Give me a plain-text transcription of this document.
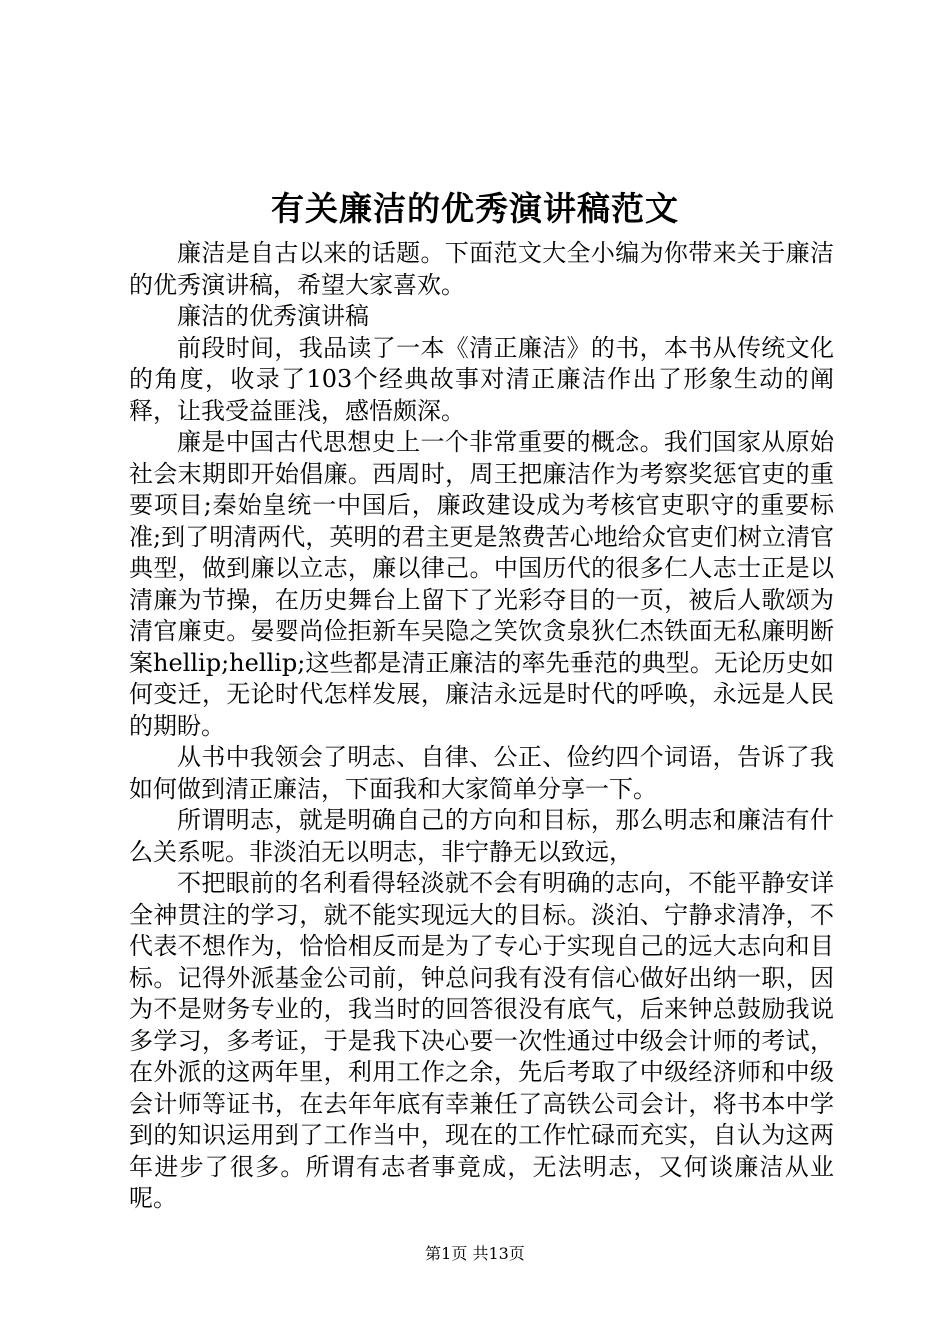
有关廉洁的优秀演讲稿范文

廉洁是自古以来的话题。下面范文大全小编为你带来关于廉洁的优秀演讲稿，希望大家喜欢。

廉洁的优秀演讲稿

前段时间，我品读了一本《清正廉洁》的书，本书从传统文化的角度，收录了103个经典故事对清正廉洁作出了形象生动的阐释，让我受益匪浅，感悟颇深。

廉是中国古代思想史上一个非常重要的概念。我们国家从原始社会末期即开始倡廉。西周时，周王把廉洁作为考察奖惩官吏的重要项目;秦始皇统一中国后，廉政建设成为考核官吏职守的重要标准;到了明清两代，英明的君主更是煞费苦心地给众官吏们树立清官典型，做到廉以立志，廉以律己。中国历代的很多仁人志士正是以清廉为节操，在历史舞台上留下了光彩夺目的一页，被后人歌颂为清官廉吏。晏婴尚俭拒新车吴隐之笑饮贪泉狄仁杰铁面无私廉明断案hellip;hellip;这些都是清正廉洁的率先垂范的典型。无论历史如何变迁，无论时代怎样发展，廉洁永远是时代的呼唤，永远是人民的期盼。

从书中我领会了明志、自律、公正、俭约四个词语，告诉了我如何做到清正廉洁，下面我和大家简单分享一下。

所谓明志，就是明确自己的方向和目标，那么明志和廉洁有什么关系呢。非淡泊无以明志，非宁静无以致远，

不把眼前的名利看得轻淡就不会有明确的志向，不能平静安详全神贯注的学习，就不能实现远大的目标。淡泊、宁静求清净，不代表不想作为，恰恰相反而是为了专心于实现自己的远大志向和目标。记得外派基金公司前，钟总问我有没有信心做好出纳一职，因为不是财务专业的，我当时的回答很没有底气，后来钟总鼓励我说多学习，多考证，于是我下决心要一次性通过中级会计师的考试，在外派的这两年里，利用工作之余，先后考取了中级经济师和中级会计师等证书，在去年年底有幸兼任了高铁公司会计，将书本中学到的知识运用到了工作当中，现在的工作忙碌而充实，自认为这两年进步了很多。所谓有志者事竟成，无法明志，又何谈廉洁从业呢。

第1页 共13页
